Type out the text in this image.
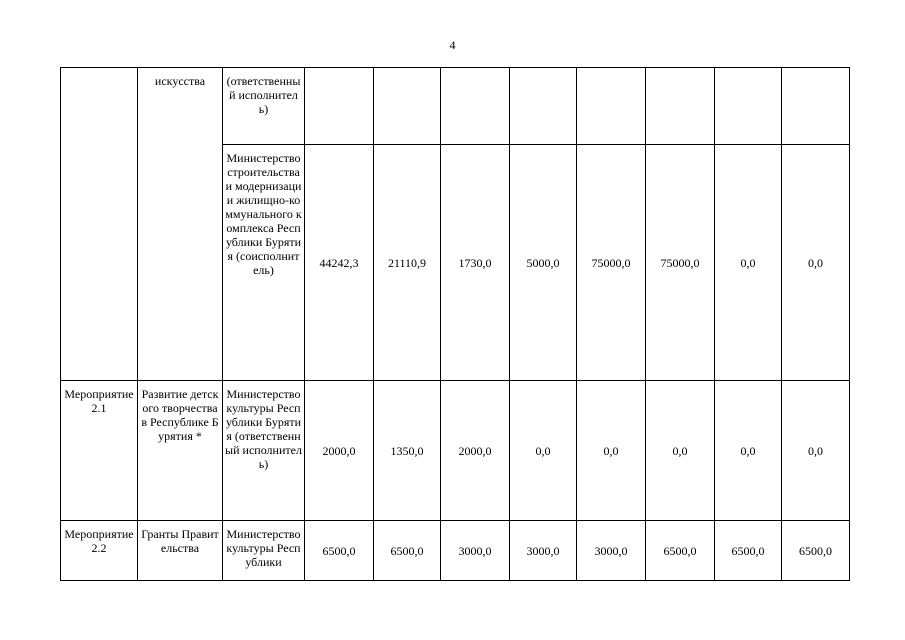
4
	искусства	(ответственный исполнитель)								
		Министерство строительства и модернизации жилищно-коммунального комплекса Республики Бурятия (соисполнитель)	44242,3	21110,9	1730,0	5000,0	75000,0	75000,0	0,0	0,0
Мероприятие 2.1	Развитие детского творчества в Республике Бурятия *	Министерство культуры Республики Бурятия (ответственный исполнитель)	2000,0	1350,0	2000,0	0,0	0,0	0,0	0,0	0,0
Мероприятие 2.2	Гранты Правительства	Министерство культуры Республики	6500,0	6500,0	3000,0	3000,0	3000,0	6500,0	6500,0	6500,0
